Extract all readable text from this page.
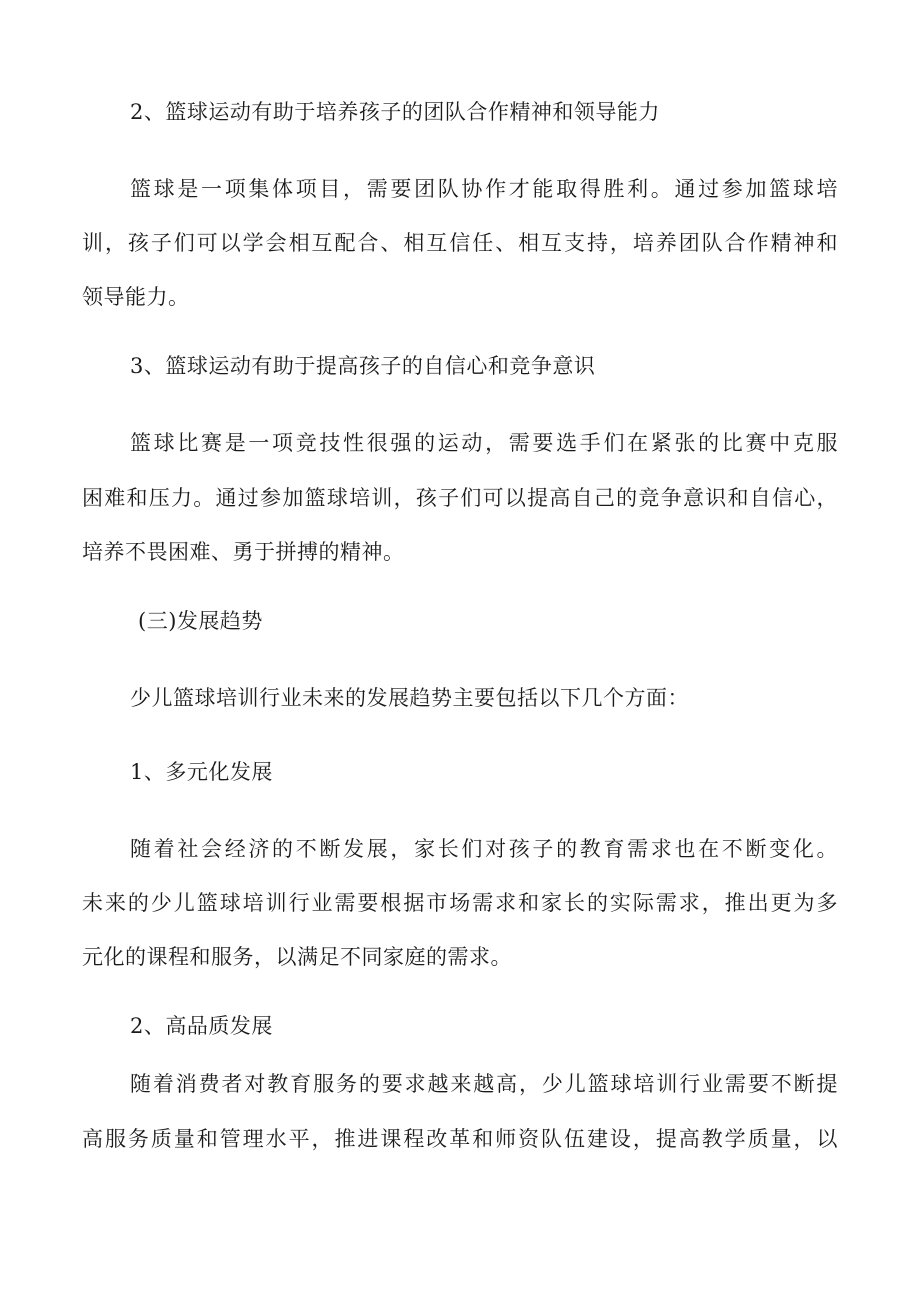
2、篮球运动有助于培养孩子的团队合作精神和领导能力
篮球是一项集体项目，需要团队协作才能取得胜利。通过参加篮球培
训，孩子们可以学会相互配合、相互信任、相互支持，培养团队合作精神和
领导能力。
3、篮球运动有助于提高孩子的自信心和竞争意识
篮球比赛是一项竞技性很强的运动，需要选手们在紧张的比赛中克服
困难和压力。通过参加篮球培训，孩子们可以提高自己的竞争意识和自信心，
培养不畏困难、勇于拼搏的精神。
(三)发展趋势
少儿篮球培训行业未来的发展趋势主要包括以下几个方面：
1、多元化发展
随着社会经济的不断发展，家长们对孩子的教育需求也在不断变化。
未来的少儿篮球培训行业需要根据市场需求和家长的实际需求，推出更为多
元化的课程和服务，以满足不同家庭的需求。
2、高品质发展
随着消费者对教育服务的要求越来越高，少儿篮球培训行业需要不断提
高服务质量和管理水平，推进课程改革和师资队伍建设，提高教学质量，以
